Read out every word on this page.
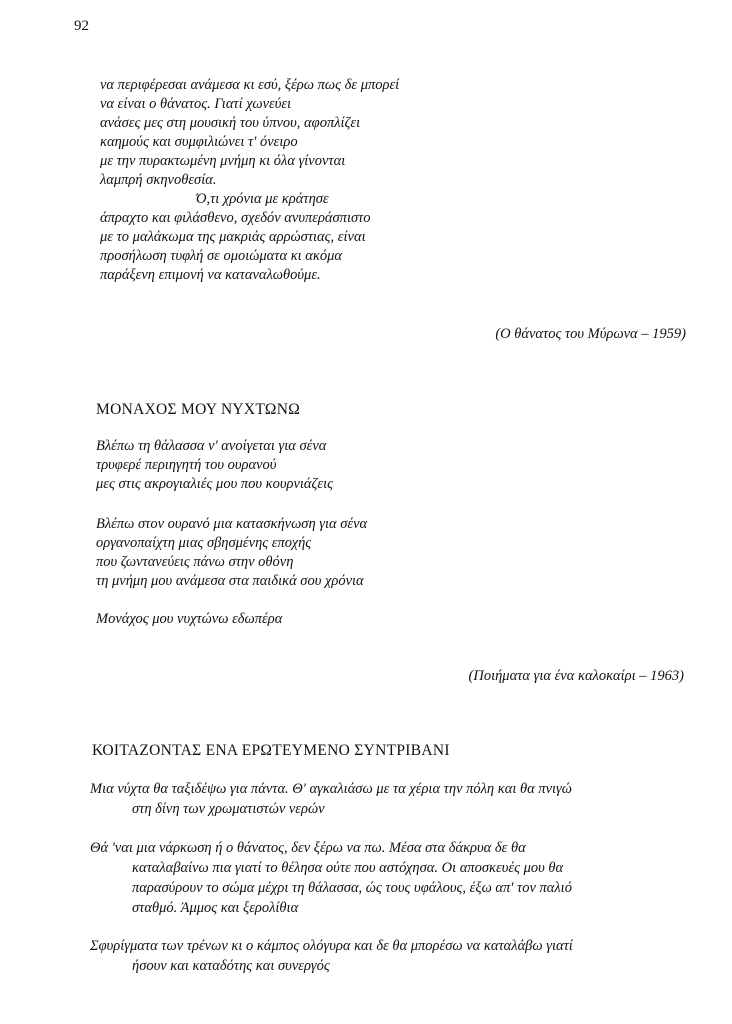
92
να περιφέρεσαι ανάμεσα κι εσύ, ξέρω πως δε μπορεί
να είναι ο θάνατος. Γιατί χωνεύει
ανάσες μες στη μουσική του ύπνου, αφοπλίζει
καημούς και συμφιλιώνει τ' όνειρο
με την πυρακτωμένη μνήμη κι όλα γίνονται
λαμπρή σκηνοθεσία.
Ό,τι χρόνια με κράτησε
άπραχτο και φιλάσθενο, σχεδόν ανυπεράσπιστο
με το μαλάκωμα της μακριάς αρρώστιας, είναι
προσήλωση τυφλή σε ομοιώματα κι ακόμα
παράξενη επιμονή να καταναλωθούμε.
(Ο θάνατος του Μύρωνα – 1959)
ΜΟΝΑΧΟΣ ΜΟΥ ΝΥΧΤΩΝΩ
Βλέπω τη θάλασσα ν' ανοίγεται για σένα
τρυφερέ περιηγητή του ουρανού
μες στις ακρογιαλιές μου που κουρνιάζεις
Βλέπω στον ουρανό μια κατασκήνωση για σένα
οργανοπαίχτη μιας σβησμένης εποχής
που ζωντανεύεις πάνω στην οθόνη
τη μνήμη μου ανάμεσα στα παιδικά σου χρόνια
Μονάχος μου νυχτώνω εδωπέρα
(Ποιήματα για ένα καλοκαίρι – 1963)
ΚΟΙΤΑΖΟΝΤΑΣ ΕΝΑ ΕΡΩΤΕΥΜΕΝΟ ΣΥΝΤΡΙΒΑΝΙ
Μια νύχτα θα ταξιδέψω για πάντα. Θ' αγκαλιάσω με τα χέρια την πόλη και θα πνιγώ
στη δίνη των χρωματιστών νερών
Θά 'ναι μια νάρκωση ή ο θάνατος, δεν ξέρω να πω. Μέσα στα δάκρυα δε θα
καταλαβαίνω πια γιατί το θέλησα ούτε που αστόχησα. Οι αποσκευές μου θα
παρασύρουν το σώμα μέχρι τη θάλασσα, ώς τους υφάλους, έξω απ' τον παλιό
σταθμό. Άμμος και ξερολίθια
Σφυρίγματα των τρένων κι ο κάμπος ολόγυρα και δε θα μπορέσω να καταλάβω γιατί
ήσουν και καταδότης και συνεργός
